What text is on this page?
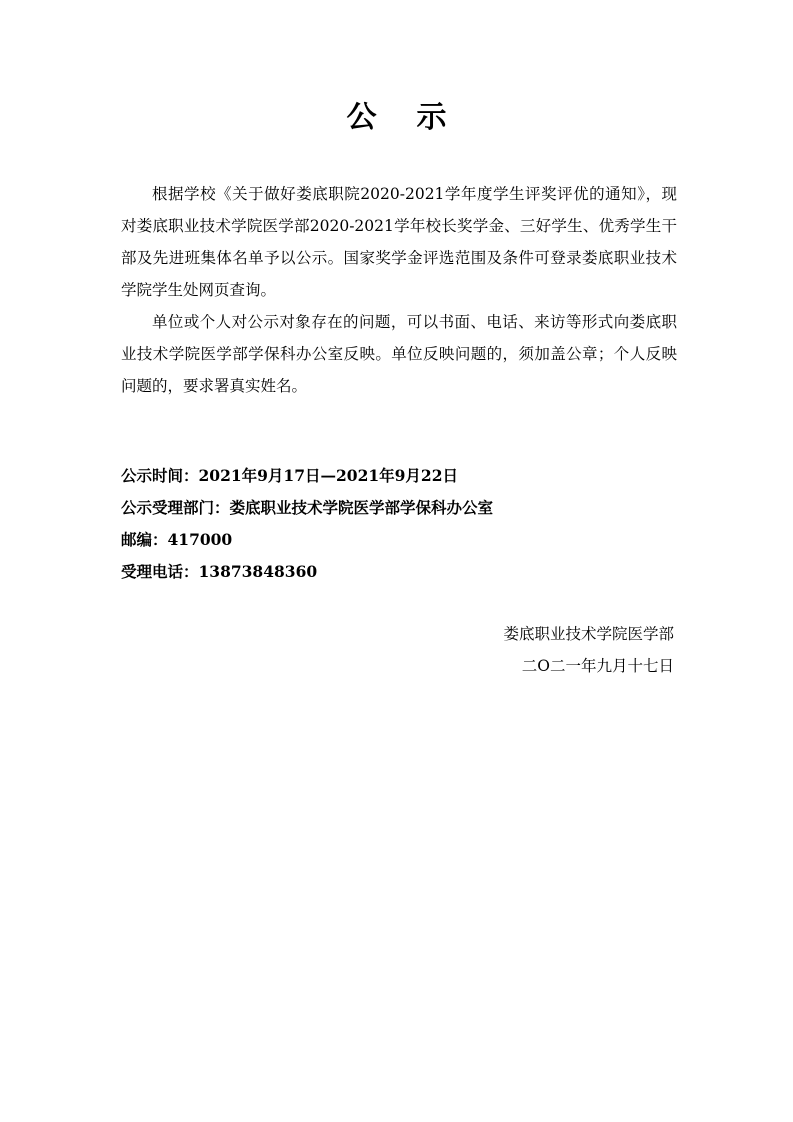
公示

根据学校《关于做好娄底职院2020-2021学年度学生评奖评优的通知》，现对娄底职业技术学院医学部2020-2021学年校长奖学金、三好学生、优秀学生干部及先进班集体名单予以公示。国家奖学金评选范围及条件可登录娄底职业技术学院学生处网页查询。

单位或个人对公示对象存在的问题，可以书面、电话、来访等形式向娄底职业技术学院医学部学保科办公室反映。单位反映问题的，须加盖公章；个人反映问题的，要求署真实姓名。

公示时间：2021年9月17日—2021年9月22日
公示受理部门：娄底职业技术学院医学部学保科办公室
邮编：417000
受理电话：13873848360
娄底职业技术学院医学部
二O二一年九月十七日
